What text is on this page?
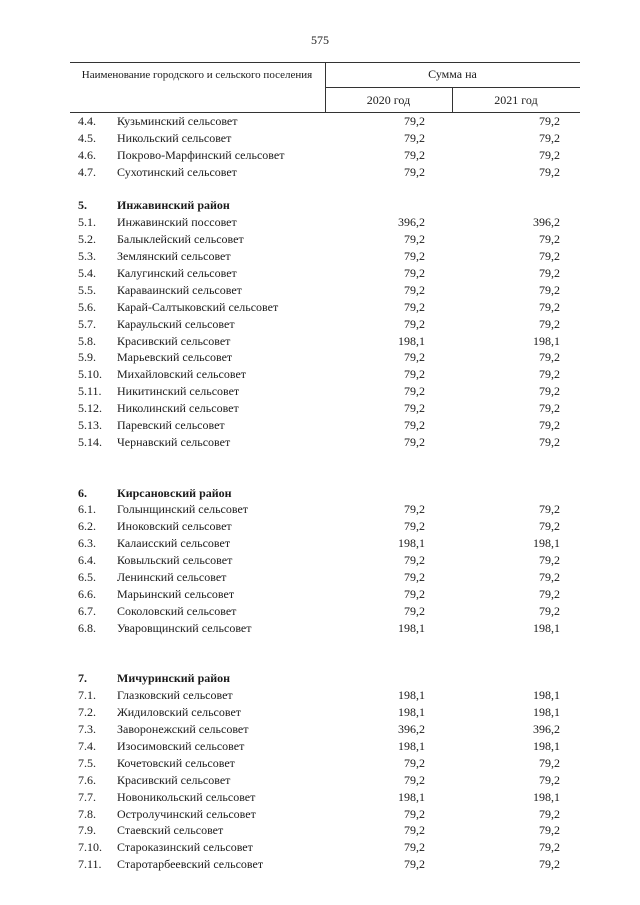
575
Наименование городского и сельского поселения	Сумма на
2020 год	2021 год
4.4.	Кузьминский сельсовет	79,2	79,2
4.5.	Никольский сельсовет	79,2	79,2
4.6.	Покрово-Марфинский сельсовет	79,2	79,2
4.7.	Сухотинский сельсовет	79,2	79,2
5.	Инжавинский район
5.1.	Инжавинский поссовет	396,2	396,2
5.2.	Балыклейский сельсовет	79,2	79,2
5.3.	Землянский сельсовет	79,2	79,2
5.4.	Калугинский сельсовет	79,2	79,2
5.5.	Караваинский сельсовет	79,2	79,2
5.6.	Карай-Салтыковский сельсовет	79,2	79,2
5.7.	Караульский сельсовет	79,2	79,2
5.8.	Красивский сельсовет	198,1	198,1
5.9.	Марьевский сельсовет	79,2	79,2
5.10.	Михайловский сельсовет	79,2	79,2
5.11.	Никитинский сельсовет	79,2	79,2
5.12.	Николинский сельсовет	79,2	79,2
5.13.	Паревский сельсовет	79,2	79,2
5.14.	Чернавский сельсовет	79,2	79,2
6.	Кирсановский район
6.1.	Голынщинский сельсовет	79,2	79,2
6.2.	Иноковский сельсовет	79,2	79,2
6.3.	Калаисский сельсовет	198,1	198,1
6.4.	Ковыльский сельсовет	79,2	79,2
6.5.	Ленинский сельсовет	79,2	79,2
6.6.	Марьинский сельсовет	79,2	79,2
6.7.	Соколовский сельсовет	79,2	79,2
6.8.	Уваровщинский сельсовет	198,1	198,1
7.	Мичуринский район
7.1.	Глазковский сельсовет	198,1	198,1
7.2.	Жидиловский сельсовет	198,1	198,1
7.3.	Заворонежский сельсовет	396,2	396,2
7.4.	Изосимовский сельсовет	198,1	198,1
7.5.	Кочетовский сельсовет	79,2	79,2
7.6.	Красивский сельсовет	79,2	79,2
7.7.	Новоникольский сельсовет	198,1	198,1
7.8.	Остролучинский сельсовет	79,2	79,2
7.9.	Стаевский сельсовет	79,2	79,2
7.10.	Староказинский сельсовет	79,2	79,2
7.11.	Старотарбеевский сельсовет	79,2	79,2
